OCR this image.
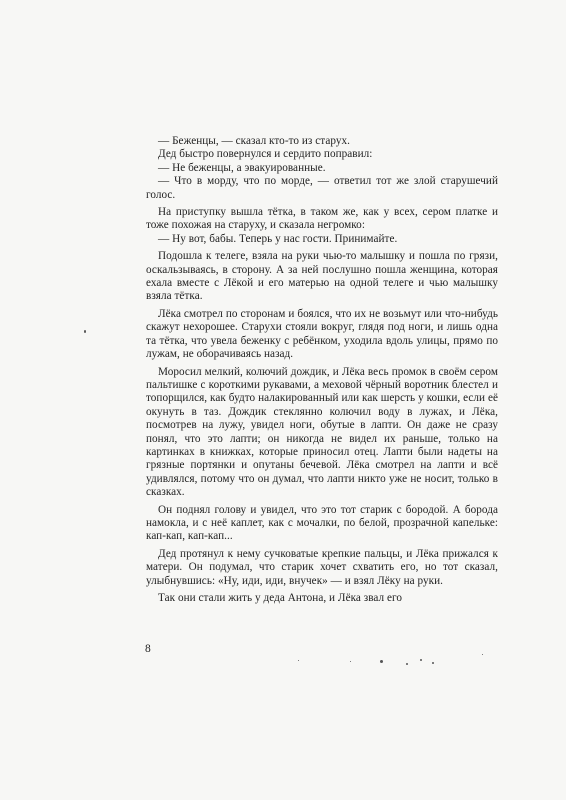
— Беженцы, — сказал кто-то из старух.

Дед быстро повернулся и сердито поправил:

— Не беженцы, а эвакуированные.

— Что в морду, что по морде, — ответил тот же злой старушечий голос.

На приступку вышла тётка, в таком же, как у всех, сером платке и тоже похожая на старуху, и сказала негромко:

— Ну вот, бабы. Теперь у нас гости. Принимайте.

Подошла к телеге, взяла на руки чью-то малышку и пошла по грязи, оскальзываясь, в сторону. А за ней послушно пошла женщина, которая ехала вместе с Лёкой и его матерью на одной телеге и чью малышку взяла тётка.

Лёка смотрел по сторонам и боялся, что их не возьмут или что-нибудь скажут нехорошее. Старухи стояли вокруг, глядя под ноги, и лишь одна та тётка, что увела беженку с ребёнком, уходила вдоль улицы, прямо по лужам, не оборачиваясь назад.

Моросил мелкий, колючий дождик, и Лёка весь промок в своём сером пальтишке с короткими рукавами, а меховой чёрный воротник блестел и топорщился, как будто налакированный или как шерсть у кошки, если её окунуть в таз. Дождик стеклянно колючил воду в лужах, и Лёка, посмотрев на лужу, увидел ноги, обутые в лапти. Он даже не сразу понял, что это лапти; он никогда не видел их раньше, только на картинках в книжках, которые приносил отец. Лапти были надеты на грязные портянки и опутаны бечевой. Лёка смотрел на лапти и всё удивлялся, потому что он думал, что лапти никто уже не носит, только в сказках.

Он поднял голову и увидел, что это тот старик с бородой. А борода намокла, и с неё каплет, как с мочалки, по белой, прозрачной капельке: кап-кап, кап-кап...

Дед протянул к нему сучковатые крепкие пальцы, и Лёка прижался к матери. Он подумал, что старик хочет схватить его, но тот сказал, улыбнувшись: «Ну, иди, иди, внучек» — и взял Лёку на руки.

Так они стали жить у деда Антона, и Лёка звал его

8
